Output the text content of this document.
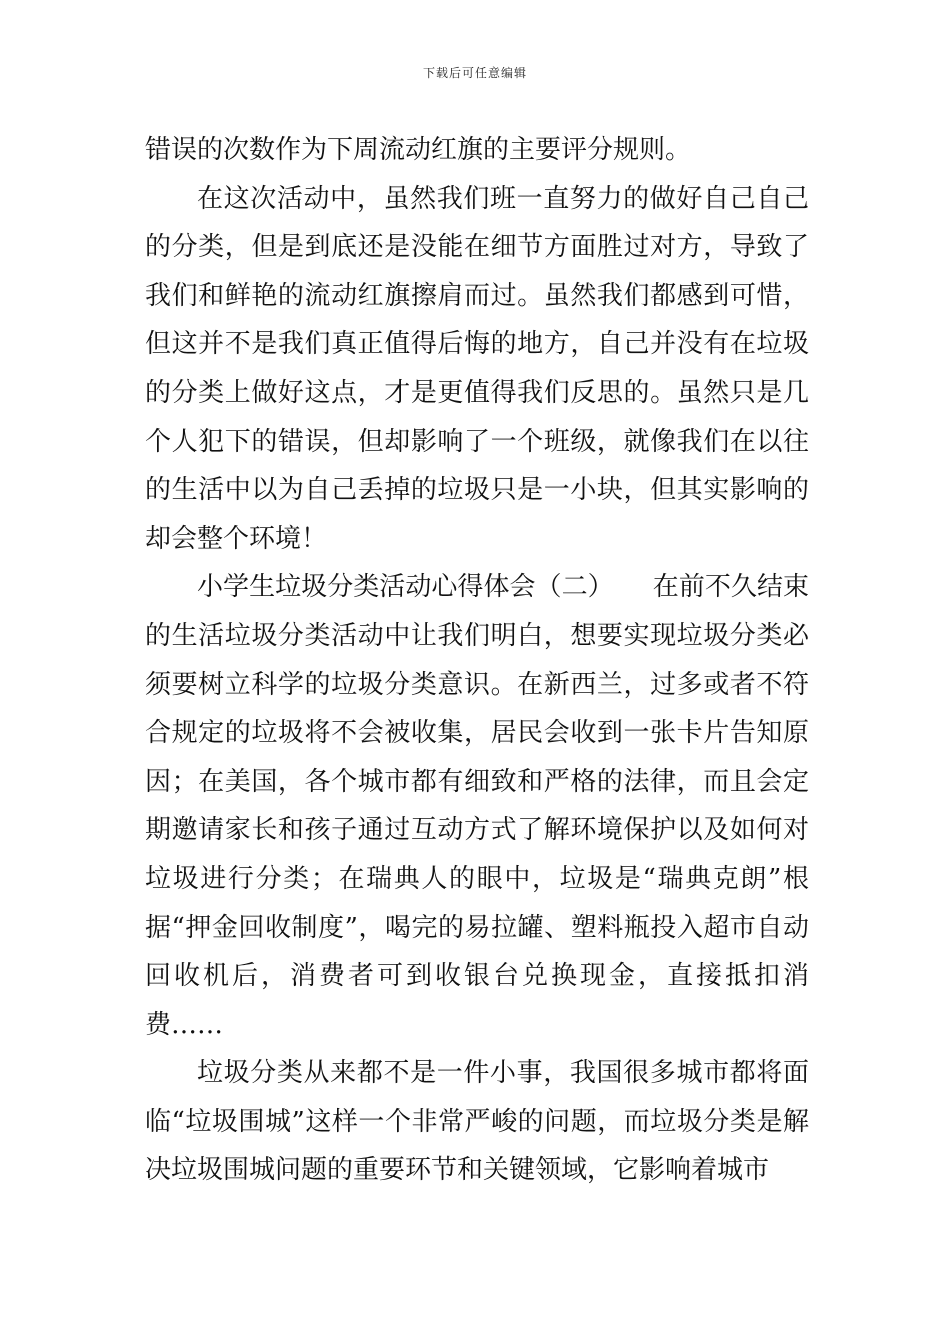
下载后可任意编辑

错误的次数作为下周流动红旗的主要评分规则。

在这次活动中，虽然我们班一直努力的做好自己自己的分类，但是到底还是没能在细节方面胜过对方，导致了我们和鲜艳的流动红旗擦肩而过。虽然我们都感到可惜，但这并不是我们真正值得后悔的地方，自己并没有在垃圾的分类上做好这点，才是更值得我们反思的。虽然只是几个人犯下的错误，但却影响了一个班级，就像我们在以往的生活中以为自己丢掉的垃圾只是一小块，但其实影响的却会整个环境！

小学生垃圾分类活动心得体会（二）　　在前不久结束的生活垃圾分类活动中让我们明白，想要实现垃圾分类必须要树立科学的垃圾分类意识。在新西兰，过多或者不符合规定的垃圾将不会被收集，居民会收到一张卡片告知原因；在美国，各个城市都有细致和严格的法律，而且会定期邀请家长和孩子通过互动方式了解环境保护以及如何对垃圾进行分类；在瑞典人的眼中，垃圾是“瑞典克朗”根据“押金回收制度”，喝完的易拉罐、塑料瓶投入超市自动回收机后，消费者可到收银台兑换现金，直接抵扣消费……

垃圾分类从来都不是一件小事，我国很多城市都将面临“垃圾围城”这样一个非常严峻的问题，而垃圾分类是解决垃圾围城问题的重要环节和关键领域，它影响着城市
